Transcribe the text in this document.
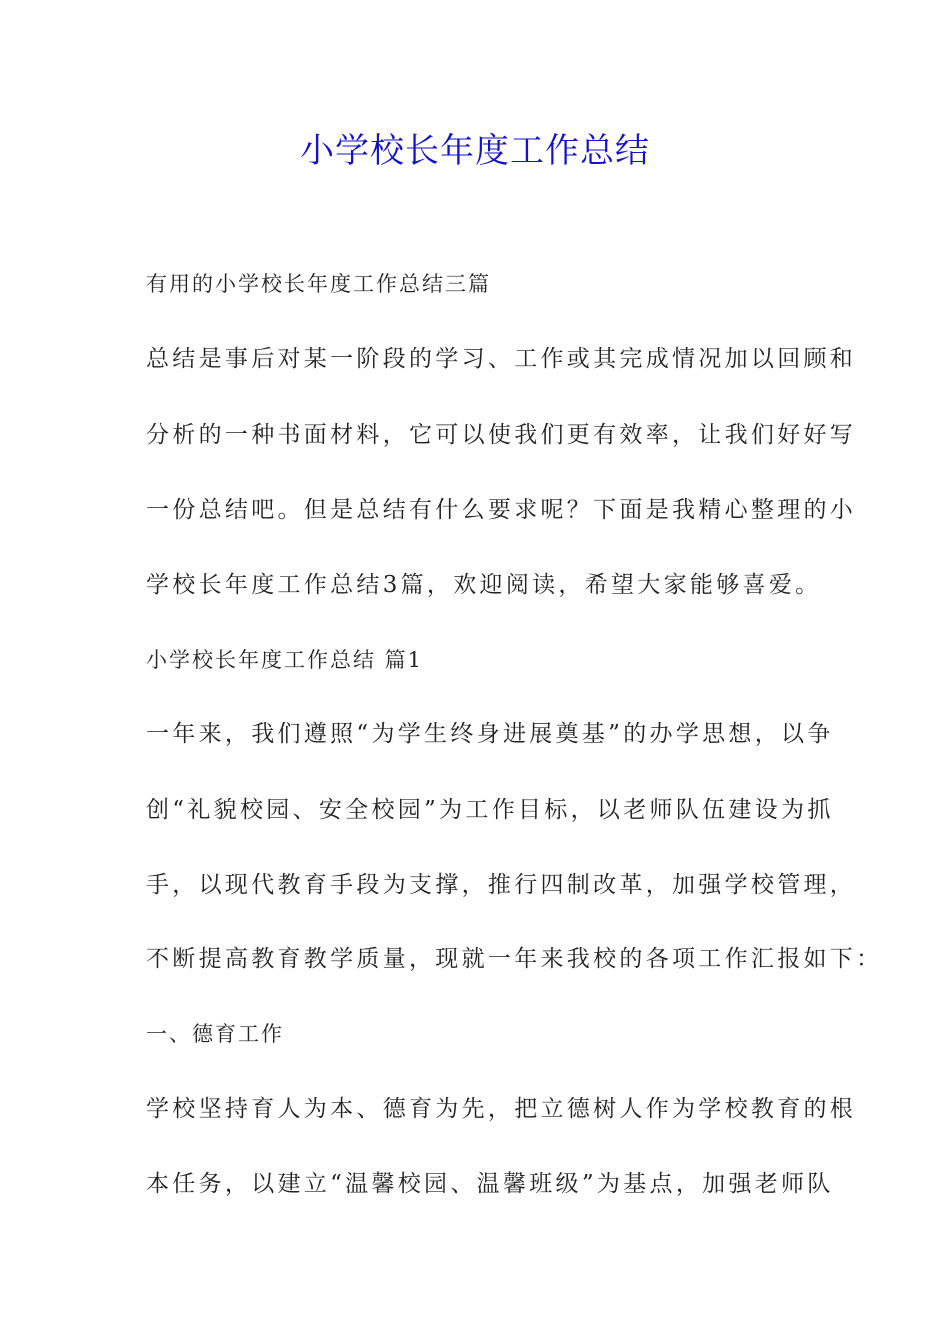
小学校长年度工作总结
有用的小学校长年度工作总结三篇
总结是事后对某一阶段的学习、工作或其完成情况加以回顾和
分析的一种书面材料，它可以使我们更有效率，让我们好好写
一份总结吧。但是总结有什么要求呢？下面是我精心整理的小
学校长年度工作总结3篇，欢迎阅读，希望大家能够喜爱。
小学校长年度工作总结 篇1
一年来，我们遵照“为学生终身进展奠基”的办学思想，以争
创“礼貌校园、安全校园”为工作目标，以老师队伍建设为抓
手，以现代教育手段为支撑，推行四制改革，加强学校管理，
不断提高教育教学质量，现就一年来我校的各项工作汇报如下：
一、德育工作
学校坚持育人为本、德育为先，把立德树人作为学校教育的根
本任务，以建立“温馨校园、温馨班级”为基点，加强老师队
